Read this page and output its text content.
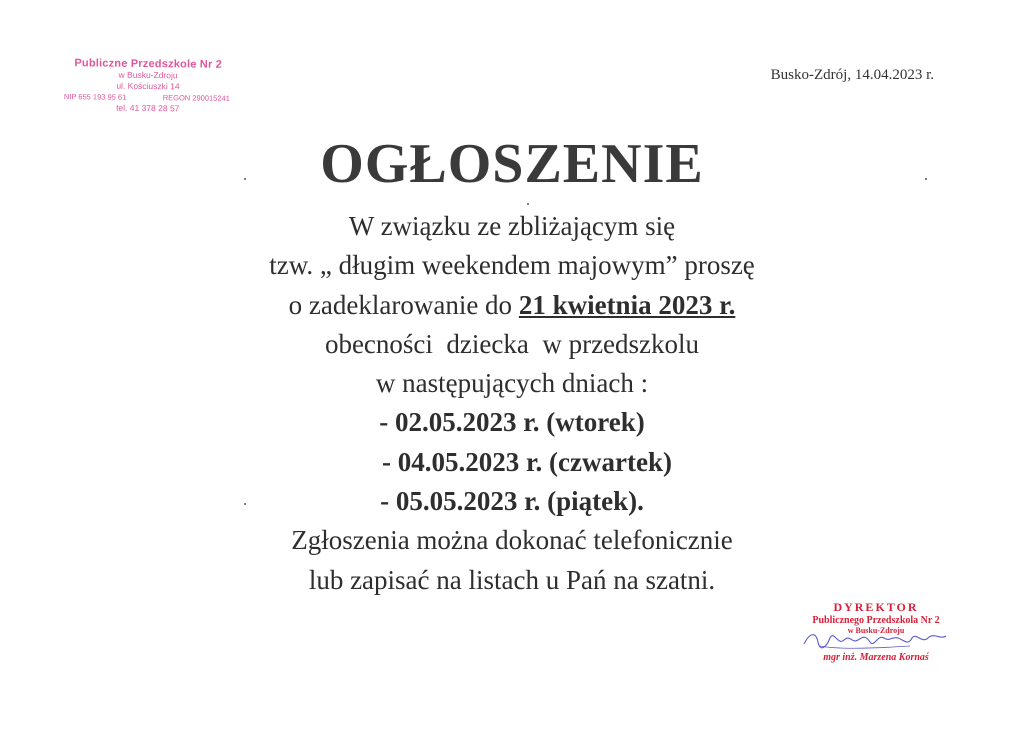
Publiczne Przedszkole Nr 2
w Busku-Zdroju
ul. Kościuszki 14
NIP 655 193 95 61	REGON 290015241
tel. 41 378 28 57
Busko-Zdrój, 14.04.2023 r.
OGŁOSZENIE
W związku ze zbliżającym się
tzw. „ długim weekendem majowym” proszę
o zadeklarowanie do 21 kwietnia 2023 r.
obecności  dziecka  w przedszkolu
w następujących dniach :
- 02.05.2023 r. (wtorek)
- 04.05.2023 r. (czwartek)
- 05.05.2023 r. (piątek).
Zgłoszenia można dokonać telefonicznie
lub zapisać na listach u Pań na szatni.
DYREKTOR
Publicznego Przedszkola Nr 2
w Busku-Zdroju
mgr inż. Marzena Kornaś
